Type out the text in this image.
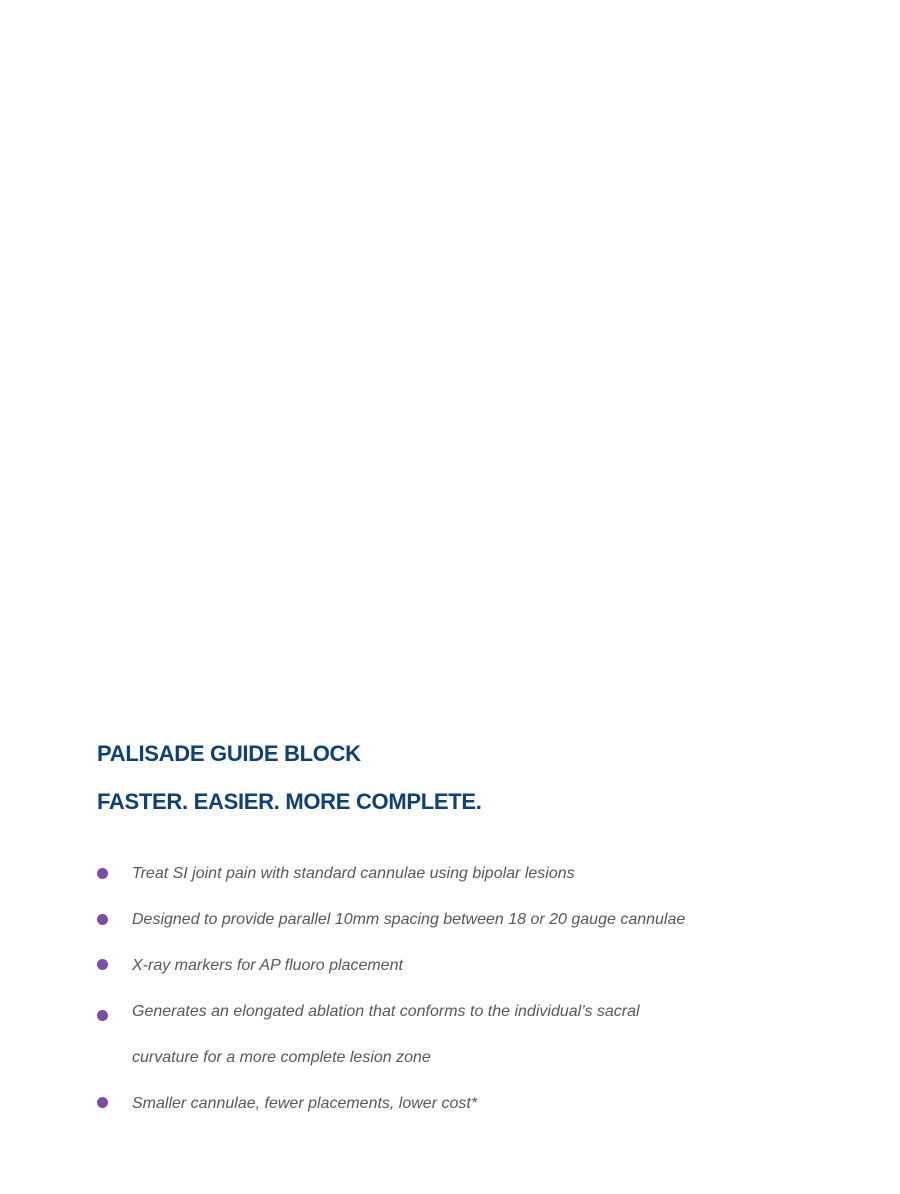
PALISADE GUIDE BLOCK
FASTER. EASIER. MORE COMPLETE.
Treat SI joint pain with standard cannulae using bipolar lesions
Designed to provide parallel 10mm spacing between 18 or 20 gauge cannulae
X-ray markers for AP fluoro placement
Generates an elongated ablation that conforms to the individual’s sacral
curvature for a more complete lesion zone
Smaller cannulae, fewer placements, lower cost*
